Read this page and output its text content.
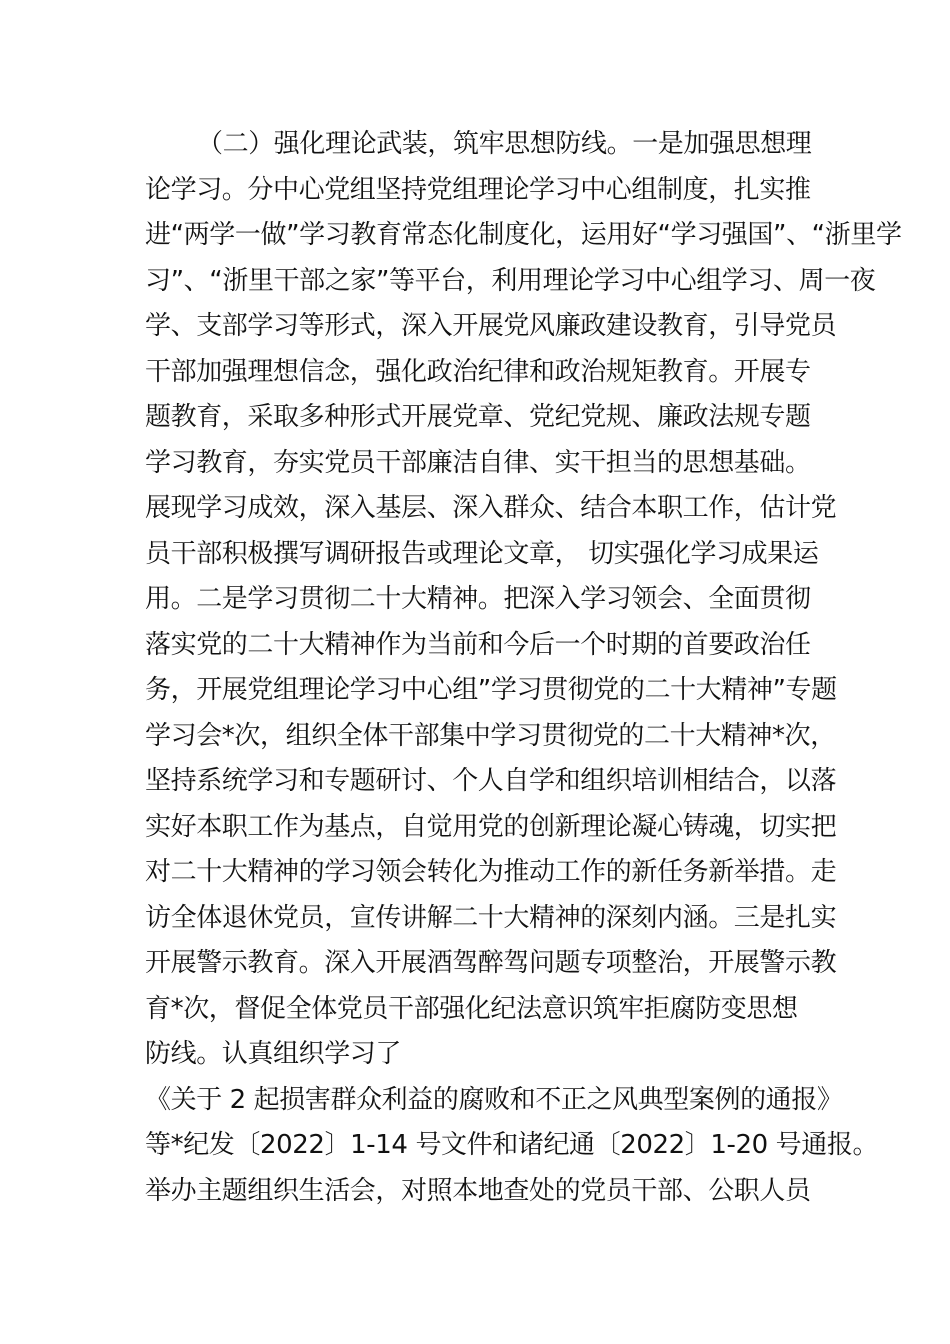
（二）强化理论武装，筑牢思想防线。一是加强思想理
论学习。分中心党组坚持党组理论学习中心组制度，扎实推
进“两学一做”学习教育常态化制度化，运用好“学习强国”、“浙里学
习”、“浙里干部之家”等平台，利用理论学习中心组学习、周一夜
学、支部学习等形式，深入开展党风廉政建设教育，引导党员
干部加强理想信念，强化政治纪律和政治规矩教育。开展专
题教育，采取多种形式开展党章、党纪党规、廉政法规专题
学习教育，夯实党员干部廉洁自律、实干担当的思想基础。
展现学习成效，深入基层、深入群众、结合本职工作，估计党
员干部积极撰写调研报告或理论文章， 切实强化学习成果运
用。二是学习贯彻二十大精神。把深入学习领会、全面贯彻
落实党的二十大精神作为当前和今后一个时期的首要政治任
务，开展党组理论学习中心组”学习贯彻党的二十大精神”专题
学习会*次，组织全体干部集中学习贯彻党的二十大精神*次，
坚持系统学习和专题研讨、个人自学和组织培训相结合，以落
实好本职工作为基点，自觉用党的创新理论凝心铸魂，切实把
对二十大精神的学习领会转化为推动工作的新任务新举措。走
访全体退休党员，宣传讲解二十大精神的深刻内涵。三是扎实
开展警示教育。深入开展酒驾醉驾问题专项整治，开展警示教
育*次，督促全体党员干部强化纪法意识筑牢拒腐防变思想
防线。认真组织学习了
《关于 2 起损害群众利益的腐败和不正之风典型案例的通报》
等*纪发〔2022〕1-14 号文件和诸纪通〔2022〕1-20 号通报。
举办主题组织生活会，对照本地查处的党员干部、公职人员
